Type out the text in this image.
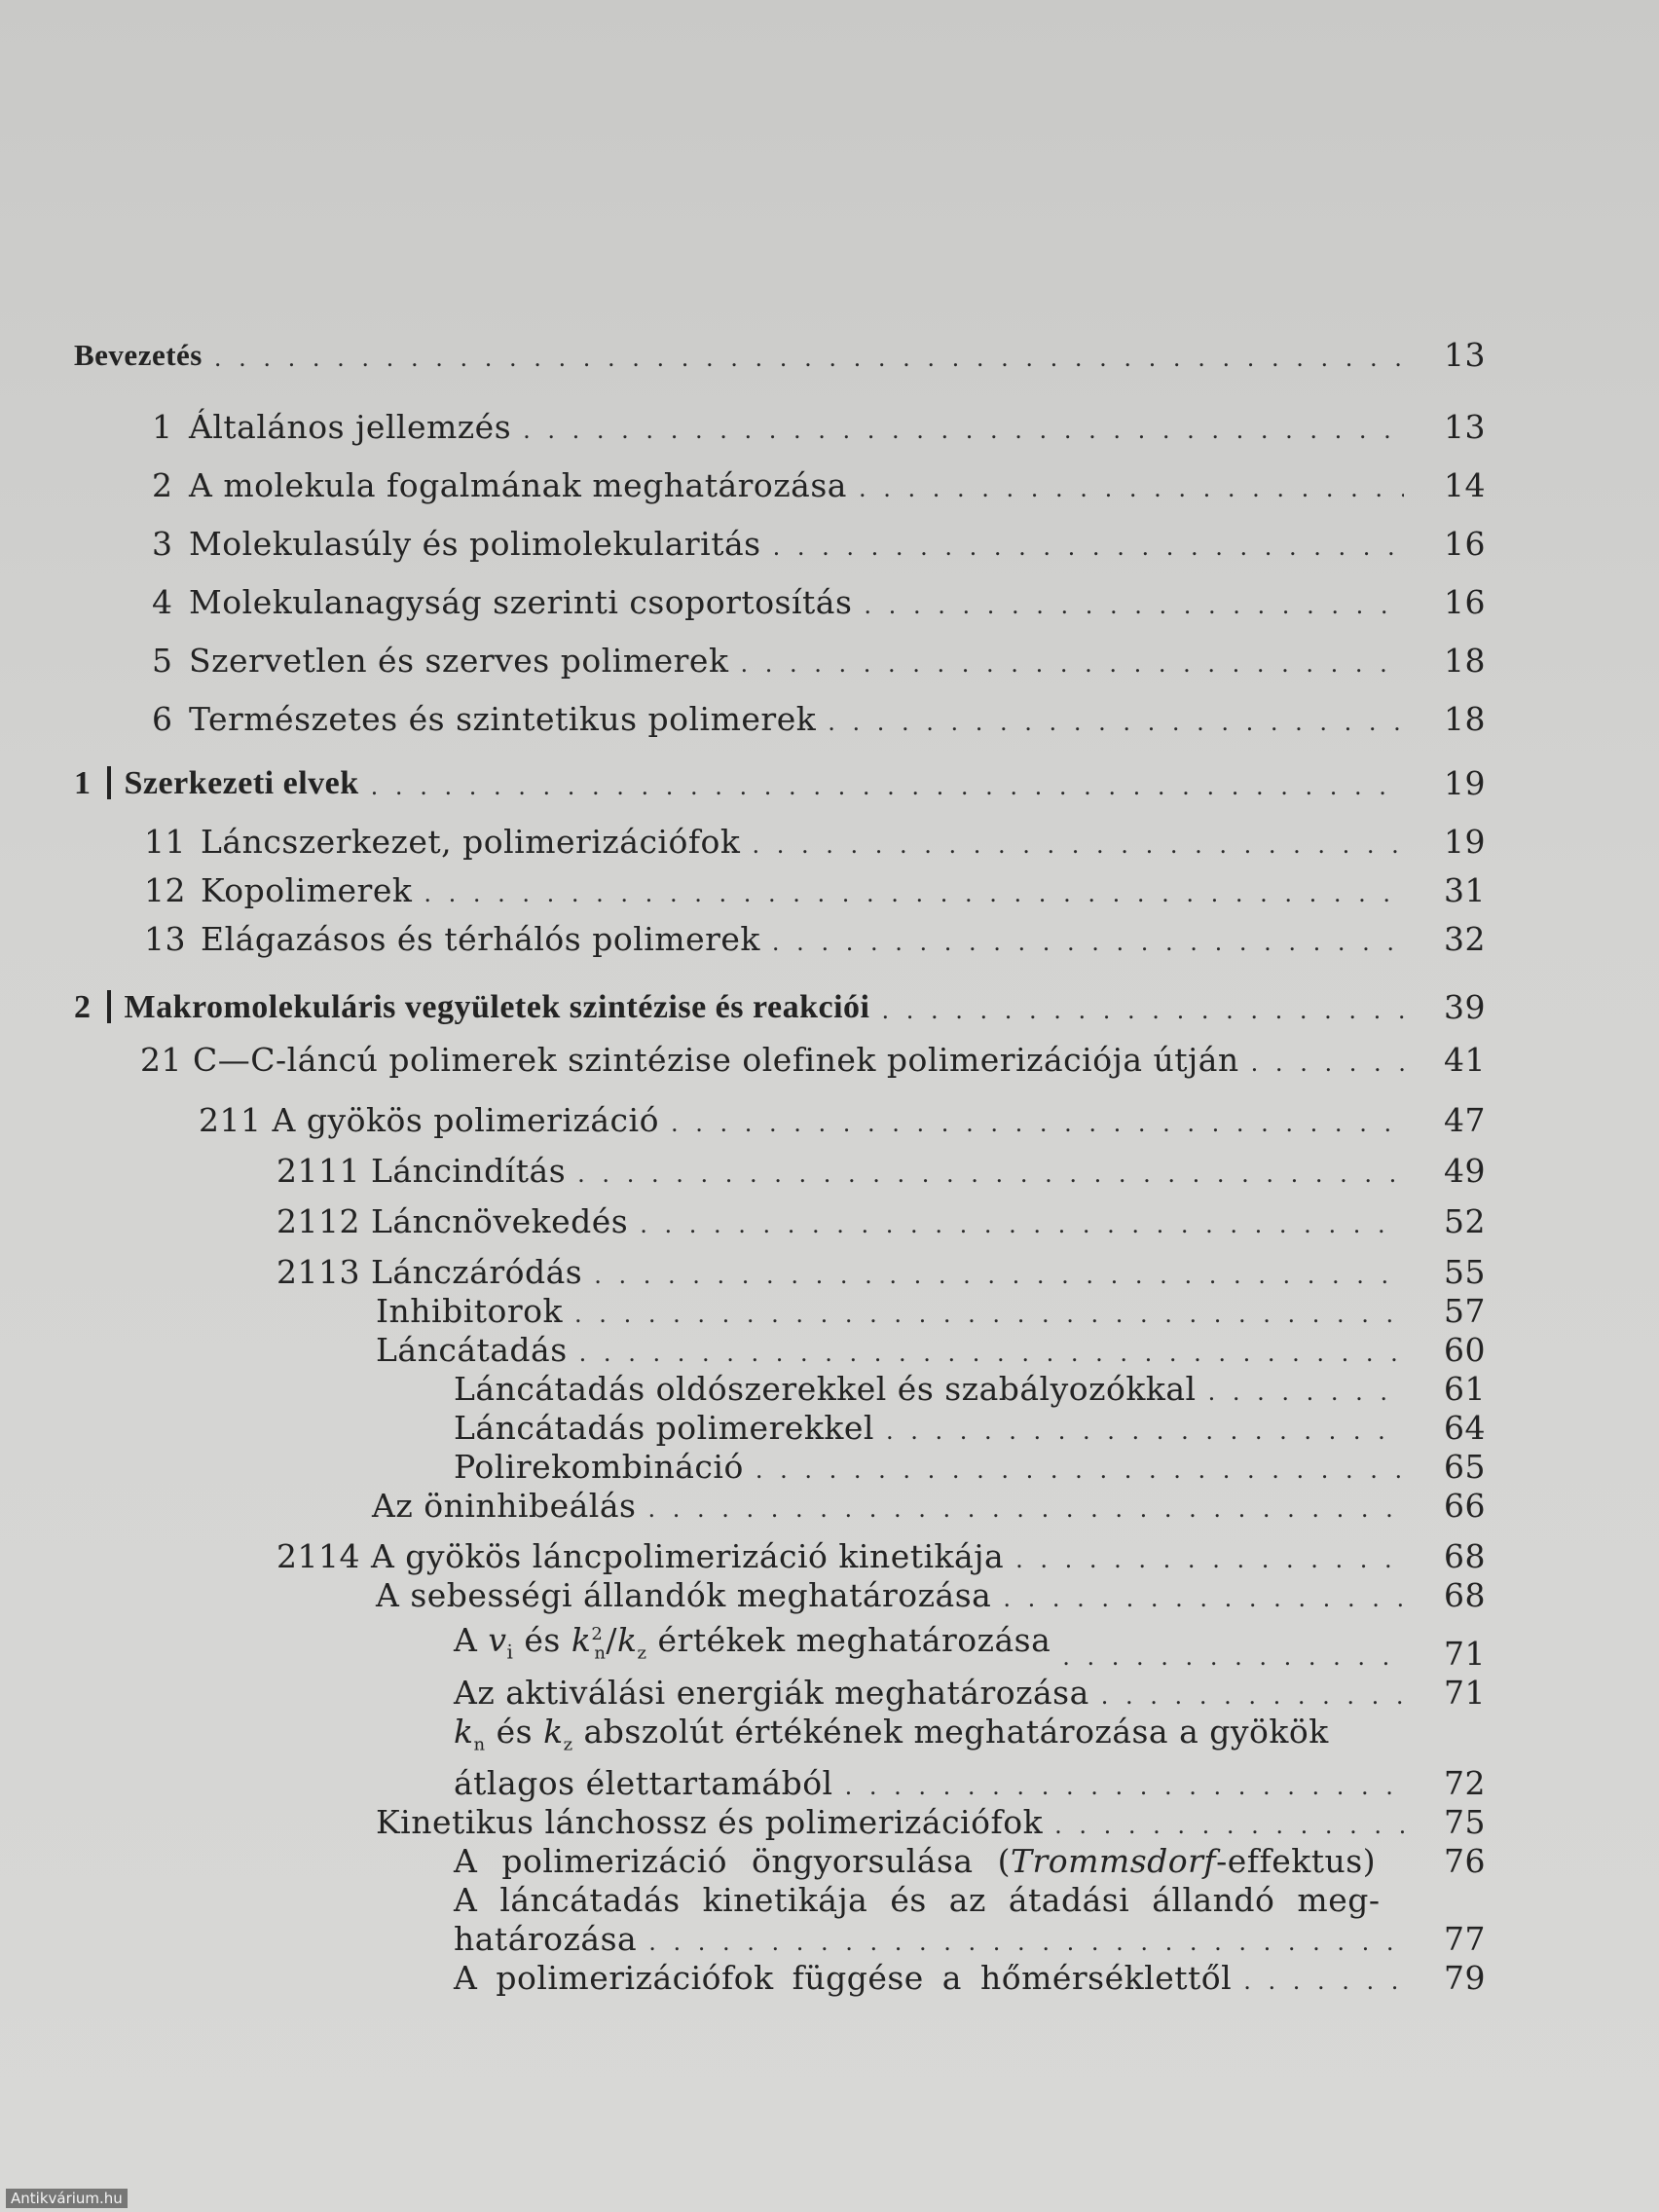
Bevezetés . . .	13
1 Általános jellemzés . . .	13
2 A molekula fogalmának meghatározása . . .	14
3 Molekulasúly és polimolekularitás . . .	16
4 Molekulanagyság szerinti csoportosítás . . .	16
5 Szervetlen és szerves polimerek . . .	18
6 Természetes és szintetikus polimerek . . .	18
1 Szerkezeti elvek . . .	19
11 Láncszerkezet, polimerizációfok . . .	19
12 Kopolimerek . . .	31
13 Elágazásos és térhálós polimerek . . .	32
2 Makromolekuláris vegyületek szintézise és reakciói . . .	39
21 C—C-láncú polimerek szintézise olefinek polimerizációja útján . . .	41
211 A gyökös polimerizáció . . .	47
2111 Láncindítás . . .	49
2112 Láncnövekedés . . .	52
2113 Lánczáródás . . .	55
Inhibitorok . . .	57
Láncátadás . . .	60
Láncátadás oldószerekkel és szabályozókkal . . .	61
Láncátadás polimerekkel . . .	64
Polirekombináció . . .	65
Az öninhibeálás . . .	66
2114 A gyökös láncpolimerizáció kinetikája . . .	68
A sebességi állandók meghatározása . . .	68
A $v_i$ és $k^2_n/k_z$ értékek meghatározása . . .	71
Az aktiválási energiák meghatározása . . .	71
$k_n$ és $k_z$ abszolút értékének meghatározása a gyökök
átlagos élettartamából . . .	72
Kinetikus lánchossz és polimerizációfok . . .	75
A polimerizáció öngyorsulása (Trommsdorf-effektus)	76
A láncátadás kinetikája és az átadási állandó meg-
határozása . . .	77
A polimerizációfok függése a hőmérséklettől . . .	79
Antikvárium.hu
